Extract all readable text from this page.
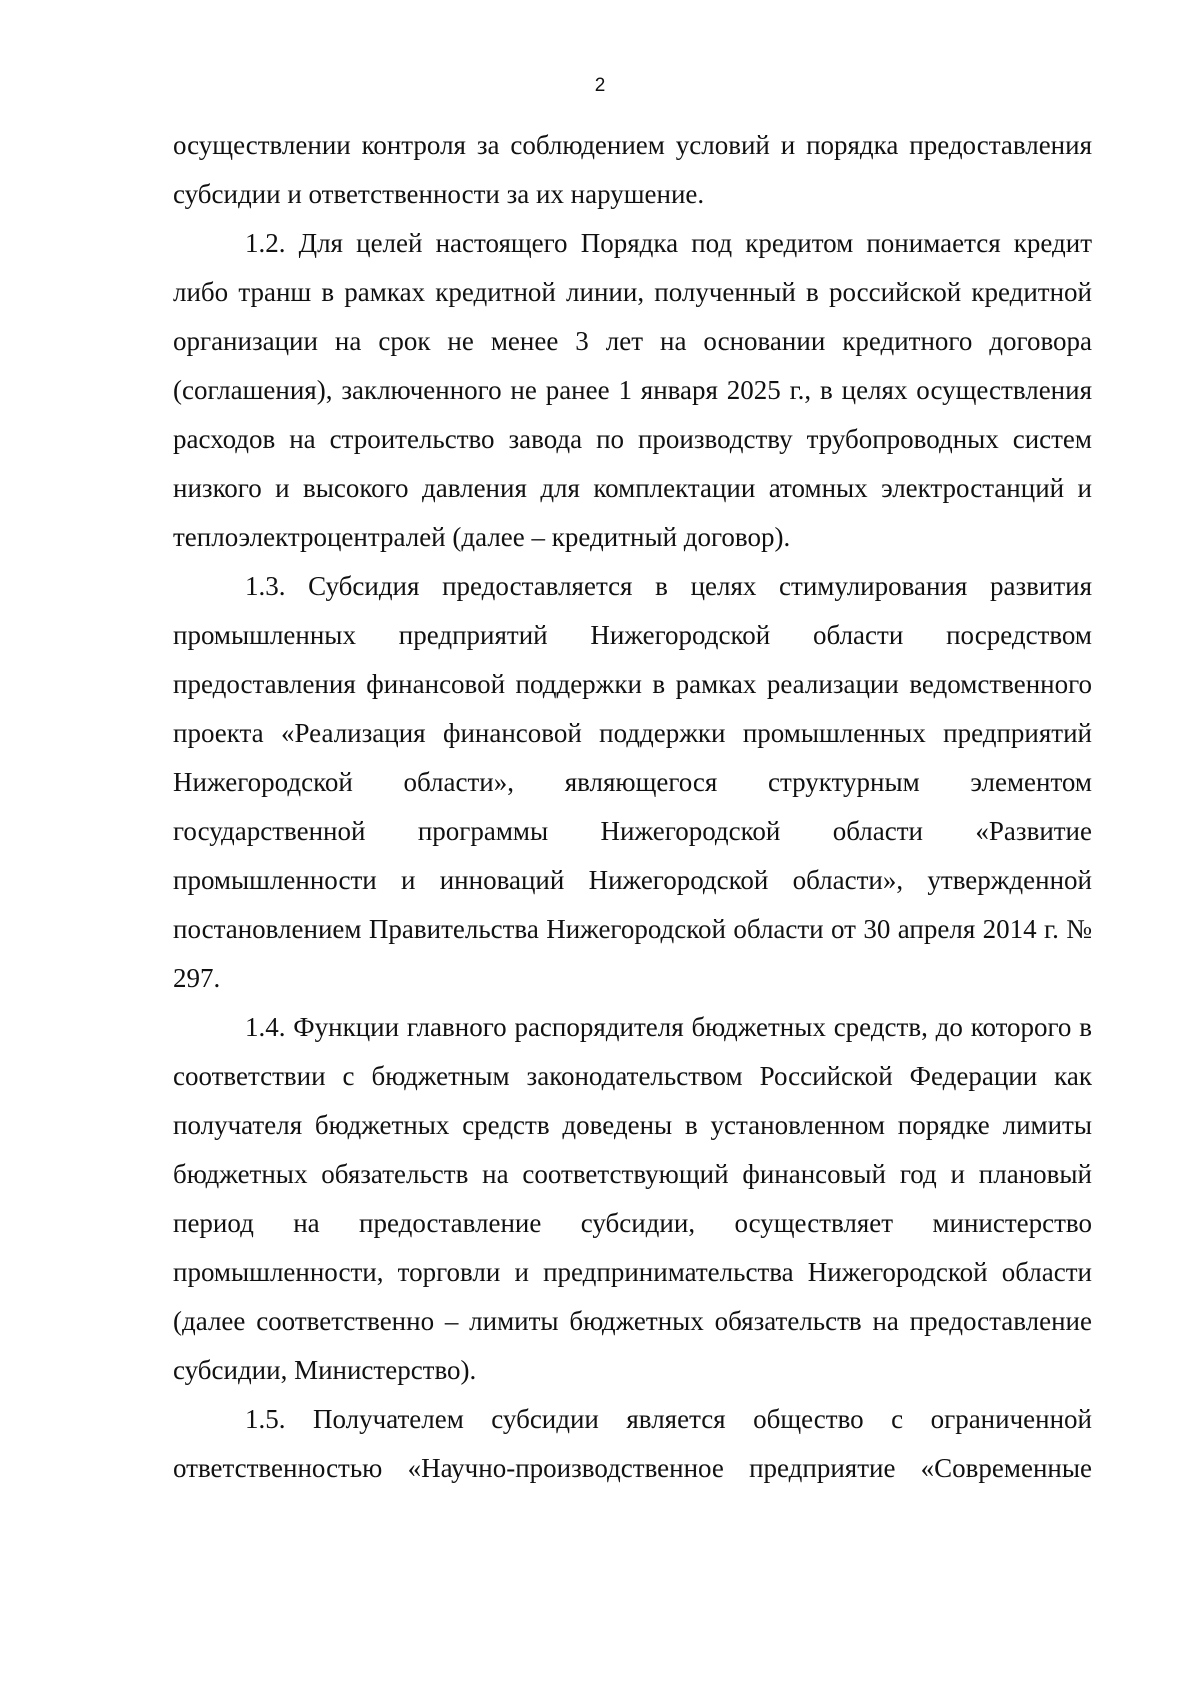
2

осуществлении контроля за соблюдением условий и порядка предоставления субсидии и ответственности за их нарушение.

1.2. Для целей настоящего Порядка под кредитом понимается кредит либо транш в рамках кредитной линии, полученный в российской кредитной организации на срок не менее 3 лет на основании кредитного договора (соглашения), заключенного не ранее 1 января 2025 г., в целях осуществления расходов на строительство завода по производству трубопроводных систем низкого и высокого давления для комплектации атомных электростанций и теплоэлектроцентралей (далее – кредитный договор).

1.3. Субсидия предоставляется в целях стимулирования развития промышленных предприятий Нижегородской области посредством предоставления финансовой поддержки в рамках реализации ведомственного проекта «Реализация финансовой поддержки промышленных предприятий Нижегородской области», являющегося структурным элементом государственной программы Нижегородской области «Развитие промышленности и инноваций Нижегородской области», утвержденной постановлением Правительства Нижегородской области от 30 апреля 2014 г. № 297.

1.4. Функции главного распорядителя бюджетных средств, до которого в соответствии с бюджетным законодательством Российской Федерации как получателя бюджетных средств доведены в установленном порядке лимиты бюджетных обязательств на соответствующий финансовый год и плановый период на предоставление субсидии, осуществляет министерство промышленности, торговли и предпринимательства Нижегородской области (далее соответственно – лимиты бюджетных обязательств на предоставление субсидии, Министерство).

1.5. Получателем субсидии является общество с ограниченной ответственностью «Научно-производственное предприятие «Современные
